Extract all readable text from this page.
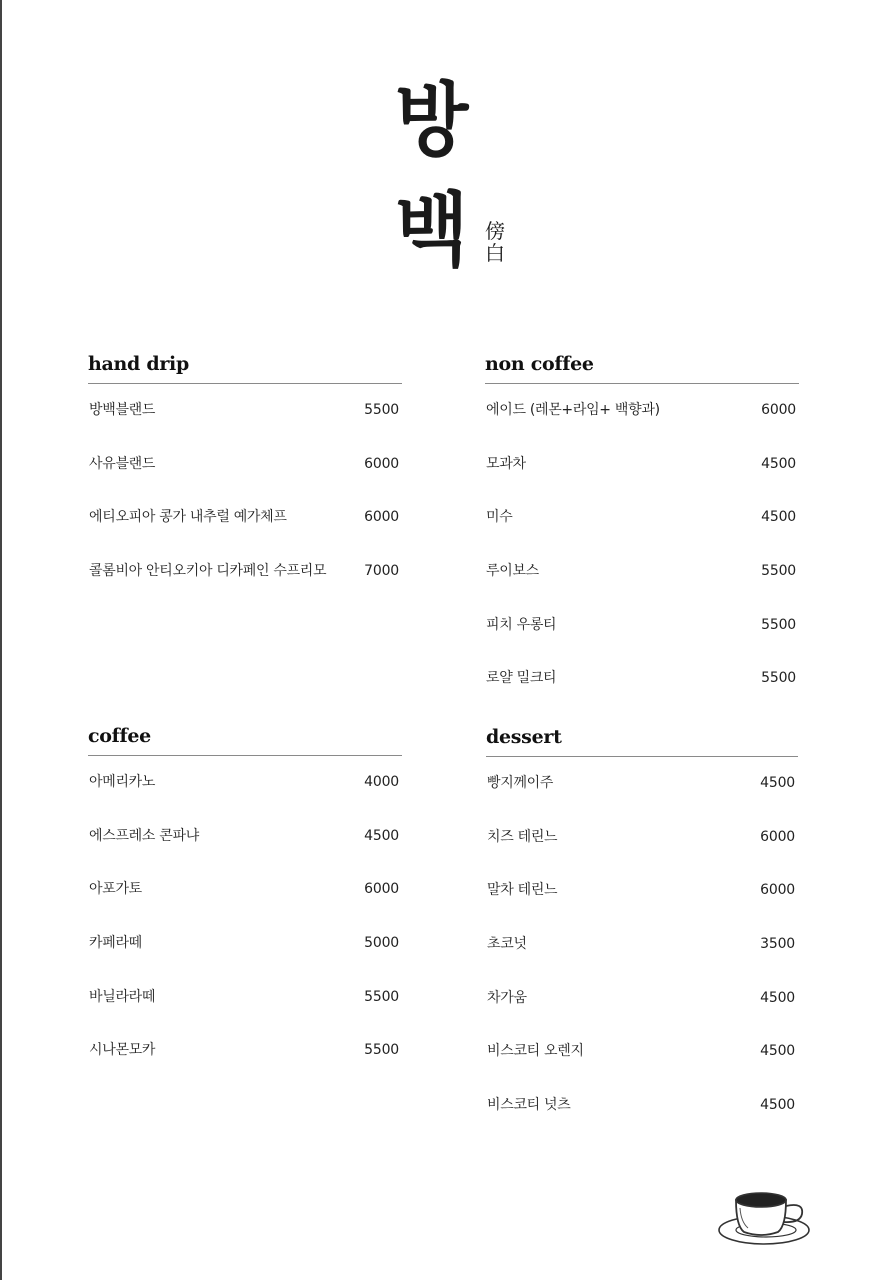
방
백 傍
白
hand drip
방백블랜드	5500
사유블랜드	6000
에티오피아 콩가 내추럴 예가체프	6000
콜롬비아 안티오키아 디카페인 수프리모	7000
non coffee
에이드 (레몬+라임+ 백향과)	6000
모과차	4500
미수	4500
루이보스	5500
피치 우롱티	5500
로얄 밀크티	5500
coffee
아메리카노	4000
에스프레소 콘파냐	4500
아포가토	6000
카페라떼	5000
바닐라라떼	5500
시나몬모카	5500
dessert
빵지께이주	4500
치즈 테린느	6000
말차 테린느	6000
초코넛	3500
차가움	4500
비스코티 오렌지	4500
비스코티 넛츠	4500
